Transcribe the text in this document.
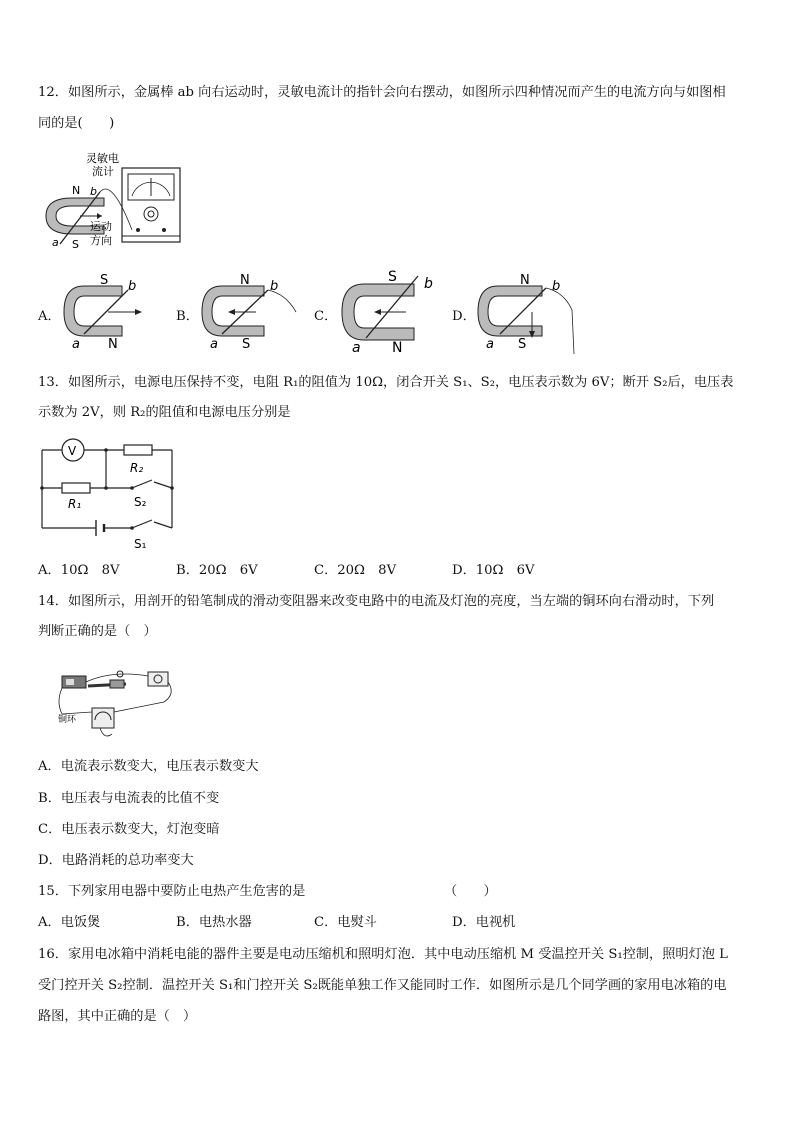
12．如图所示，金属棒 ab 向右运动时，灵敏电流计的指针会向右摆动，如图所示四种情况而产生的电流方向与如图相
同的是(　　)
灵敏电
流计
N
S
a
b
运动
方向
A．
S
N
b
a
B．
N
S
b
a
C．
S
N
b
a
D．
N
S
b
a
13．如图所示，电源电压保持不变，电阻 R₁的阻值为 10Ω，闭合开关 S₁、S₂，电压表示数为 6V；断开 S₂后，电压表
示数为 2V，则 R₂的阻值和电源电压分别是
V
R₂
R₁	S₂
S₁
A．10Ω　8V	B．20Ω　6V	C．20Ω　8V	D．10Ω　6V
14．如图所示，用剖开的铅笔制成的滑动变阻器来改变电路中的电流及灯泡的亮度，当左端的铜环向右滑动时，下列
判断正确的是（　）
铜环
A．电流表示数变大，电压表示数变大
B．电压表与电流表的比值不变
C．电压表示数变大，灯泡变暗
D．电路消耗的总功率变大
15．下列家用电器中要防止电热产生危害的是	（　　）
A．电饭煲	B．电热水器	C．电熨斗	D．电视机
16．家用电冰箱中消耗电能的器件主要是电动压缩机和照明灯泡．其中电动压缩机 M 受温控开关 S₁控制，照明灯泡 L
受门控开关 S₂控制．温控开关 S₁和门控开关 S₂既能单独工作又能同时工作．如图所示是几个同学画的家用电冰箱的电
路图，其中正确的是（　）
